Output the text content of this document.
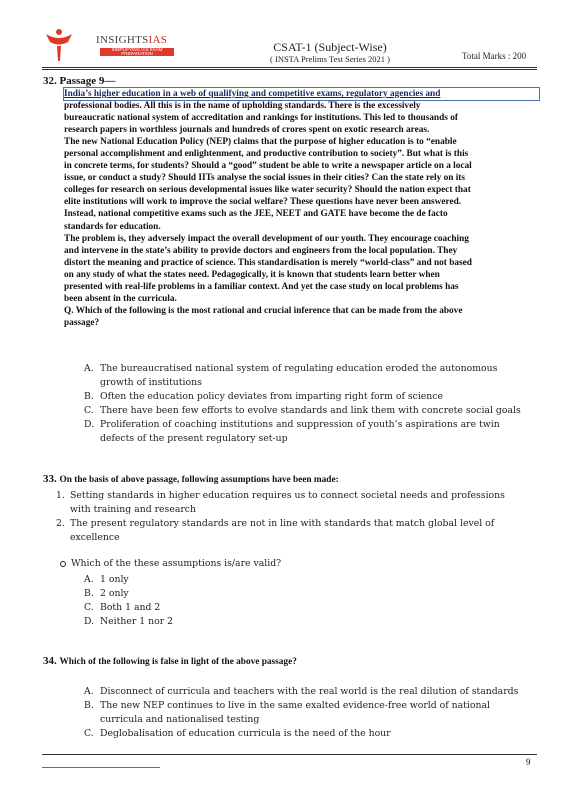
INSIGHTSIAS
SIMPLIFYING IAS EXAM PREPARATION	CSAT-1 (Subject-Wise)
( INSTA Prelims Test Series 2021 )	Total Marks : 200
32. Passage 9—
India’s higher education in a web of qualifying and competitive exams, regulatory agencies and
professional bodies. All this is in the name of upholding standards. There is the excessively
bureaucratic national system of accreditation and rankings for institutions. This led to thousands of
research papers in worthless journals and hundreds of crores spent on exotic research areas.
The new National Education Policy (NEP) claims that the purpose of higher education is to “enable
personal accomplishment and enlightenment, and productive contribution to society”. But what is this
in concrete terms, for students? Should a “good” student be able to write a newspaper article on a local
issue, or conduct a study? Should IITs analyse the social issues in their cities? Can the state rely on its
colleges for research on serious developmental issues like water security? Should the nation expect that
elite institutions will work to improve the social welfare? These questions have never been answered.
Instead, national competitive exams such as the JEE, NEET and GATE have become the de facto
standards for education.
The problem is, they adversely impact the overall development of our youth. They encourage coaching
and intervene in the state’s ability to provide doctors and engineers from the local population. They
distort the meaning and practice of science. This standardisation is merely “world-class” and not based
on any study of what the states need. Pedagogically, it is known that students learn better when
presented with real-life problems in a familiar context. And yet the case study on local problems has
been absent in the curricula.
Q. Which of the following is the most rational and crucial inference that can be made from the above
passage?
A. The bureaucratised national system of regulating education eroded the autonomous
growth of institutions
B. Often the education policy deviates from imparting right form of science
C. There have been few efforts to evolve standards and link them with concrete social goals
D. Proliferation of coaching institutions and suppression of youth’s aspirations are twin
defects of the present regulatory set-up
33. On the basis of above passage, following assumptions have been made:
1. Setting standards in higher education requires us to connect societal needs and professions
with training and research
2. The present regulatory standards are not in line with standards that match global level of
excellence
Which of the these assumptions is/are valid?
A. 1 only
B. 2 only
C. Both 1 and 2
D. Neither 1 nor 2
34. Which of the following is false in light of the above passage?
A. Disconnect of curricula and teachers with the real world is the real dilution of standards
B. The new NEP continues to live in the same exalted evidence-free world of national
curricula and nationalised testing
C. Deglobalisation of education curricula is the need of the hour
9
